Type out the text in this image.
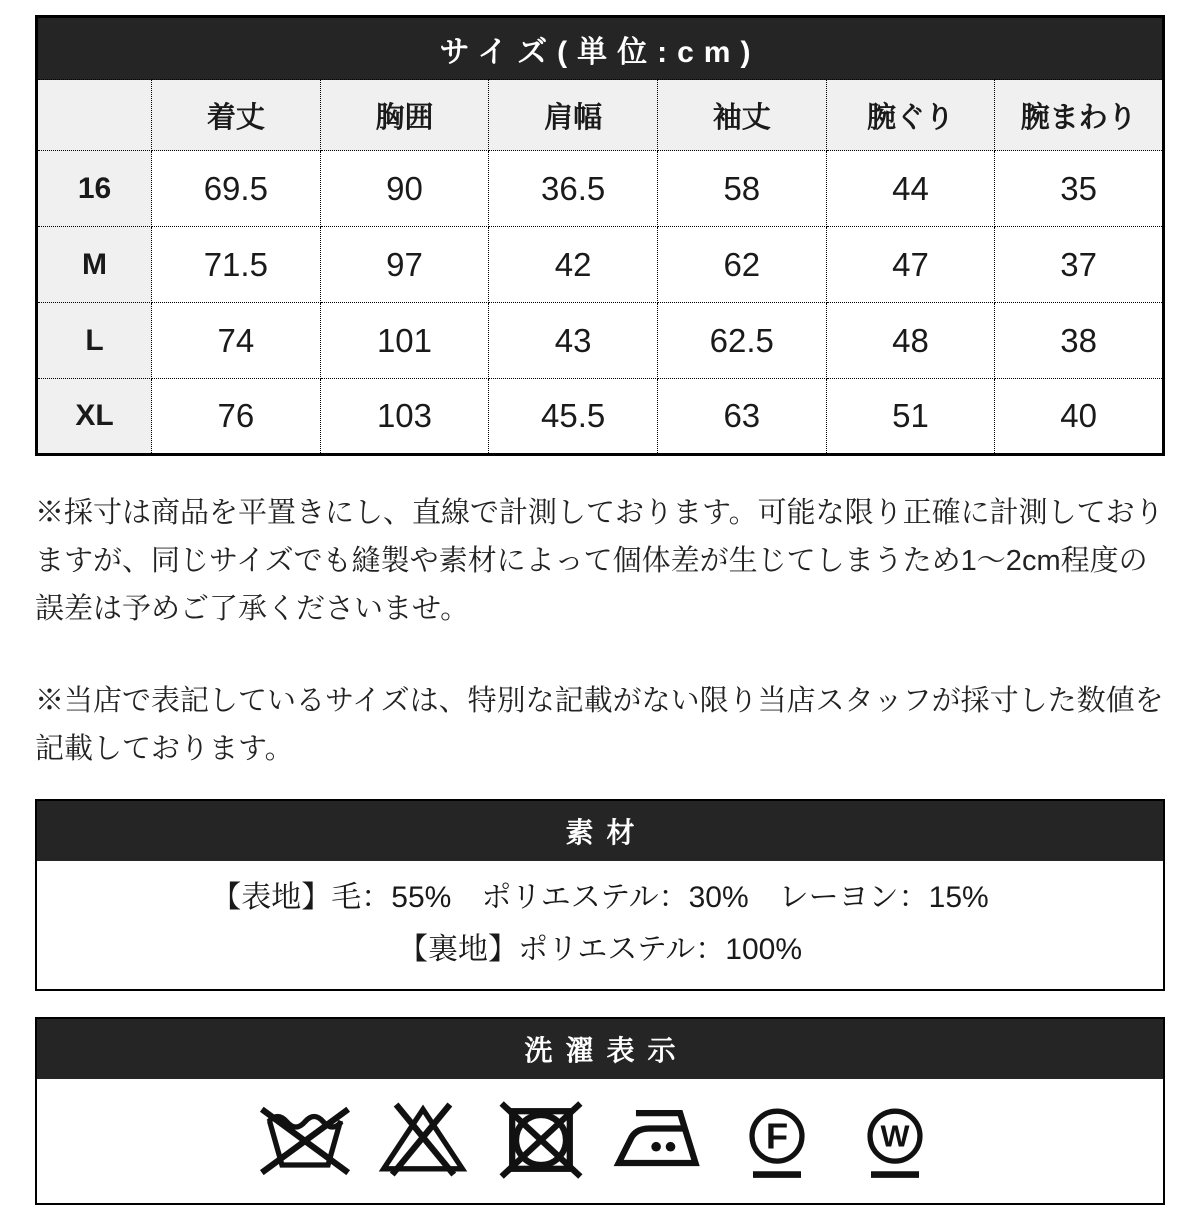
サイズ(単位:cm)						
	着丈	胸囲	肩幅	袖丈	腕ぐり	腕まわり
16	69.5	90	36.5	58	44	35
M	71.5	97	42	62	47	37
L	74	101	43	62.5	48	38
XL	76	103	45.5	63	51	40

※採寸は商品を平置きにし、直線で計測しております。可能な限り正確に計測しておりますが、同じサイズでも縫製や素材によって個体差が生じてしまうため1〜2cm程度の誤差は予めご了承くださいませ。

※当店で表記しているサイズは、特別な記載がない限り当店スタッフが採寸した数値を記載しております。

素材
【表地】毛：55%　ポリエステル：30%　レーヨン：15%
【裏地】ポリエステル：100%
洗濯表示
F	W
